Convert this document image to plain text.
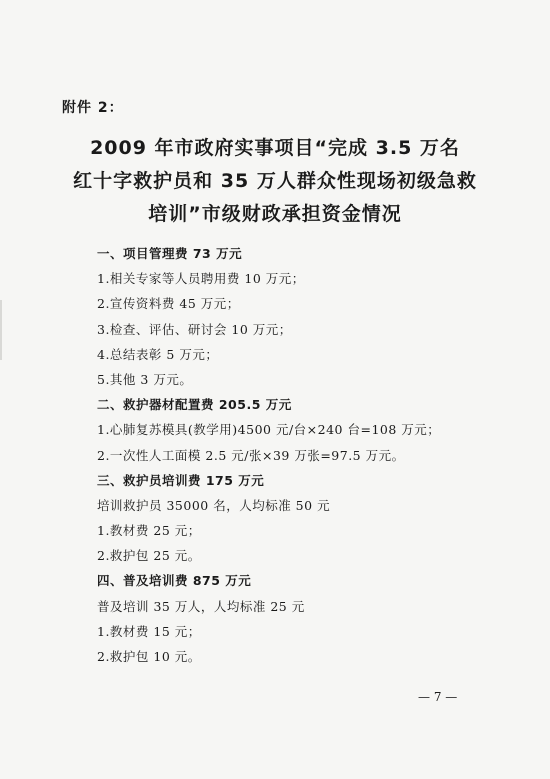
附件 2：
2009 年市政府实事项目“完成 3.5 万名
红十字救护员和 35 万人群众性现场初级急救
培训”市级财政承担资金情况
一、项目管理费 73 万元
1.相关专家等人员聘用费 10 万元；
2.宣传资料费 45 万元；
3.检查、评估、研讨会 10 万元；
4.总结表彰 5 万元；
5.其他 3 万元。
二、救护器材配置费 205.5 万元
1.心肺复苏模具(教学用)4500 元/台×240 台=108 万元；
2.一次性人工面模 2.5 元/张×39 万张=97.5 万元。
三、救护员培训费 175 万元
培训救护员 35000 名，人均标准 50 元
1.教材费 25 元；
2.救护包 25 元。
四、普及培训费 875 万元
普及培训 35 万人，人均标准 25 元
1.教材费 15 元；
2.救护包 10 元。
— 7 —
